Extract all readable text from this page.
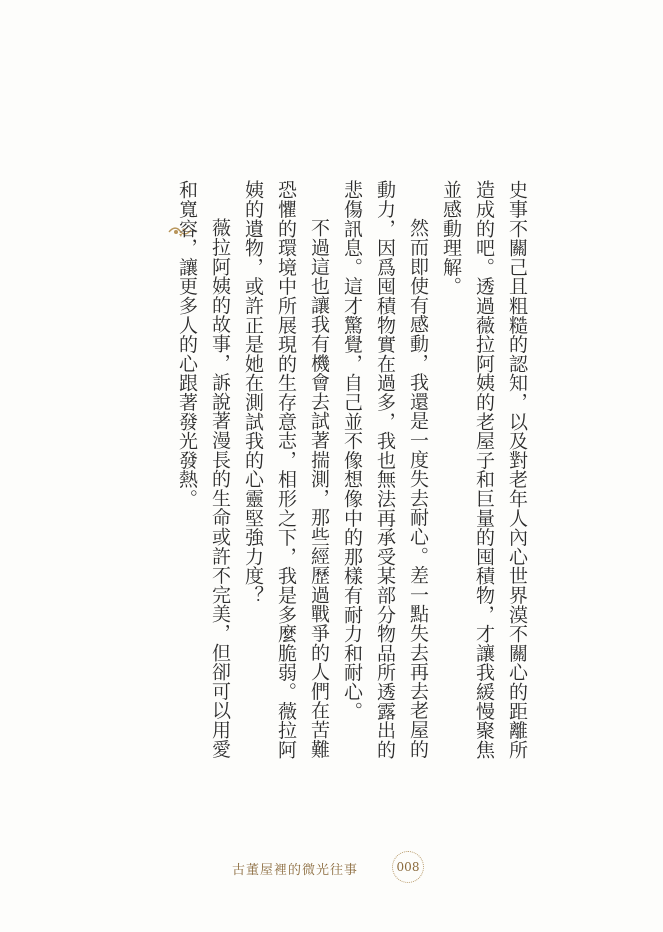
史事不關己且粗糙的認知，以及對老年人內心世界漠不關心的距離所
造成的吧。透過薇拉阿姨的老屋子和巨量的囤積物，才讓我緩慢聚焦
並感動理解。
然而即使有感動，我還是一度失去耐心。差一點失去再去老屋的
動力，因爲囤積物實在過多，我也無法再承受某部分物品所透露出的
悲傷訊息。這才驚覺，自己並不像想像中的那樣有耐力和耐心。
不過這也讓我有機會去試著揣測，那些經歷過戰爭的人們在苦難
恐懼的環境中所展現的生存意志，相形之下，我是多麼脆弱。薇拉阿
姨的遺物，或許正是她在測試我的心靈堅強力度？
薇拉阿姨的故事，訴說著漫長的生命或許不完美，但卻可以用愛
和寬容，讓更多人的心跟著發光發熱。
古董屋裡的微光往事	008
